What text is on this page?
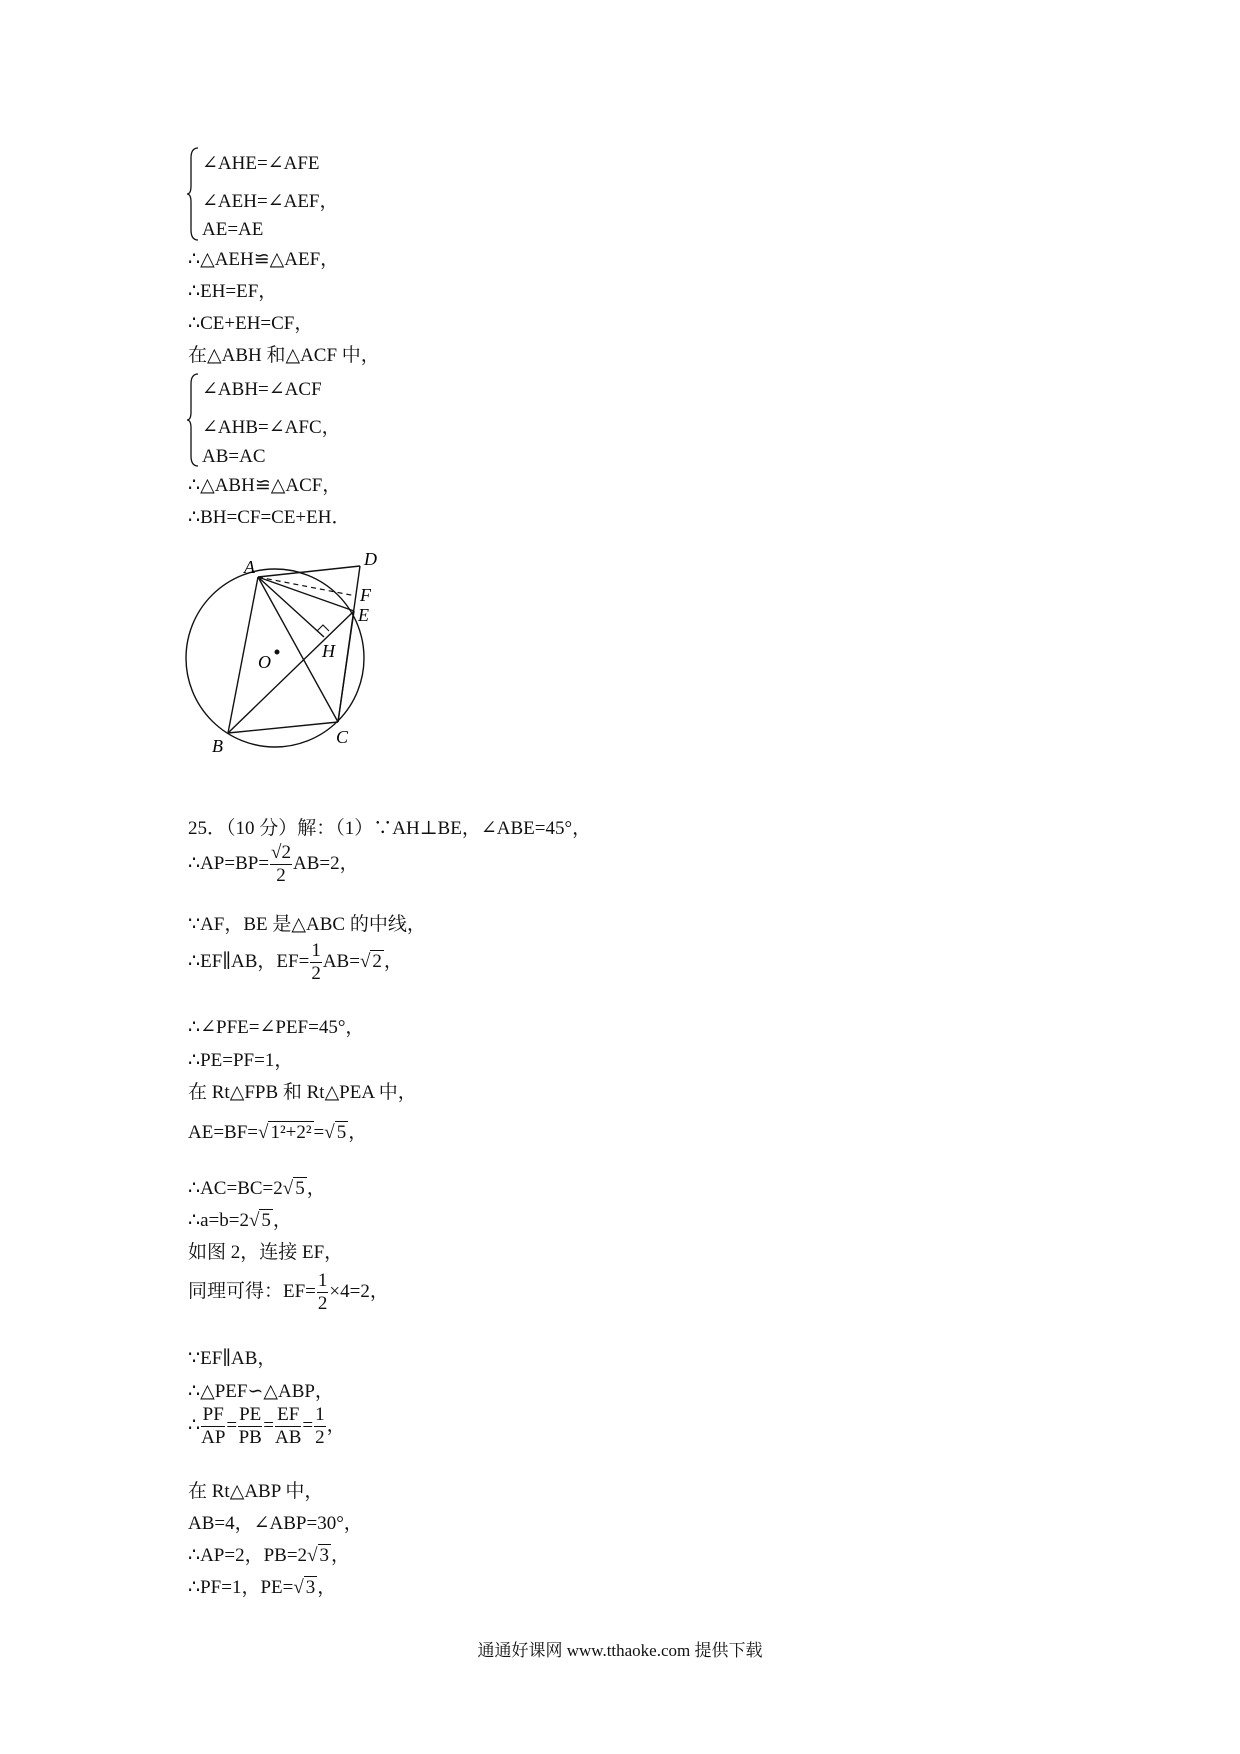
∠AHE=∠AFE
∠AEH=∠AEF，
AE=AE
∴△AEH≌△AEF，
∴EH=EF，
∴CE+EH=CF，
在△ABH 和△ACF 中，
∠ABH=∠ACF
∠AHB=∠AFC，
AB=AC
∴△ABH≌△ACF，
∴BH=CF=CE+EH．
A	D
F
E
H
O
B	C
25．（10 分）解：（1）∵AH⊥BE，∠ABE=45°，
∴AP=BP= $\frac{√2}{2} AB=2$，
∵AF，BE 是△ABC 的中线，
∴EF∥AB，$EF= \frac{1}{2} AB=√$ 2 ，
∴∠PFE=∠PEF=45°，
∴PE=PF=1，
在 Rt△FPB 和 Rt△PEA 中，
AE=BF=√ 1²+2² =√ 5 ，
∴AC=BC=2√ 5 ，
∴a=b=2√ 5 ，
如图 2，连接 EF，
同理可得：$EF= \frac{1}{2} \times 4=2$，
∵EF∥AB，
∴△PEF∽△ABP，
∴ $\frac{PF}{AP} = \frac{PE}{PB} = \frac{EF}{AB} = \frac{1}{2}$ ，
在 Rt△ABP 中，
AB=4，∠ABP=30°，
∴AP=2，PB=2√ 3 ，
∴PF=1，PE=√ 3 ，
通通好课网 www.tthaoke.com 提供下载
